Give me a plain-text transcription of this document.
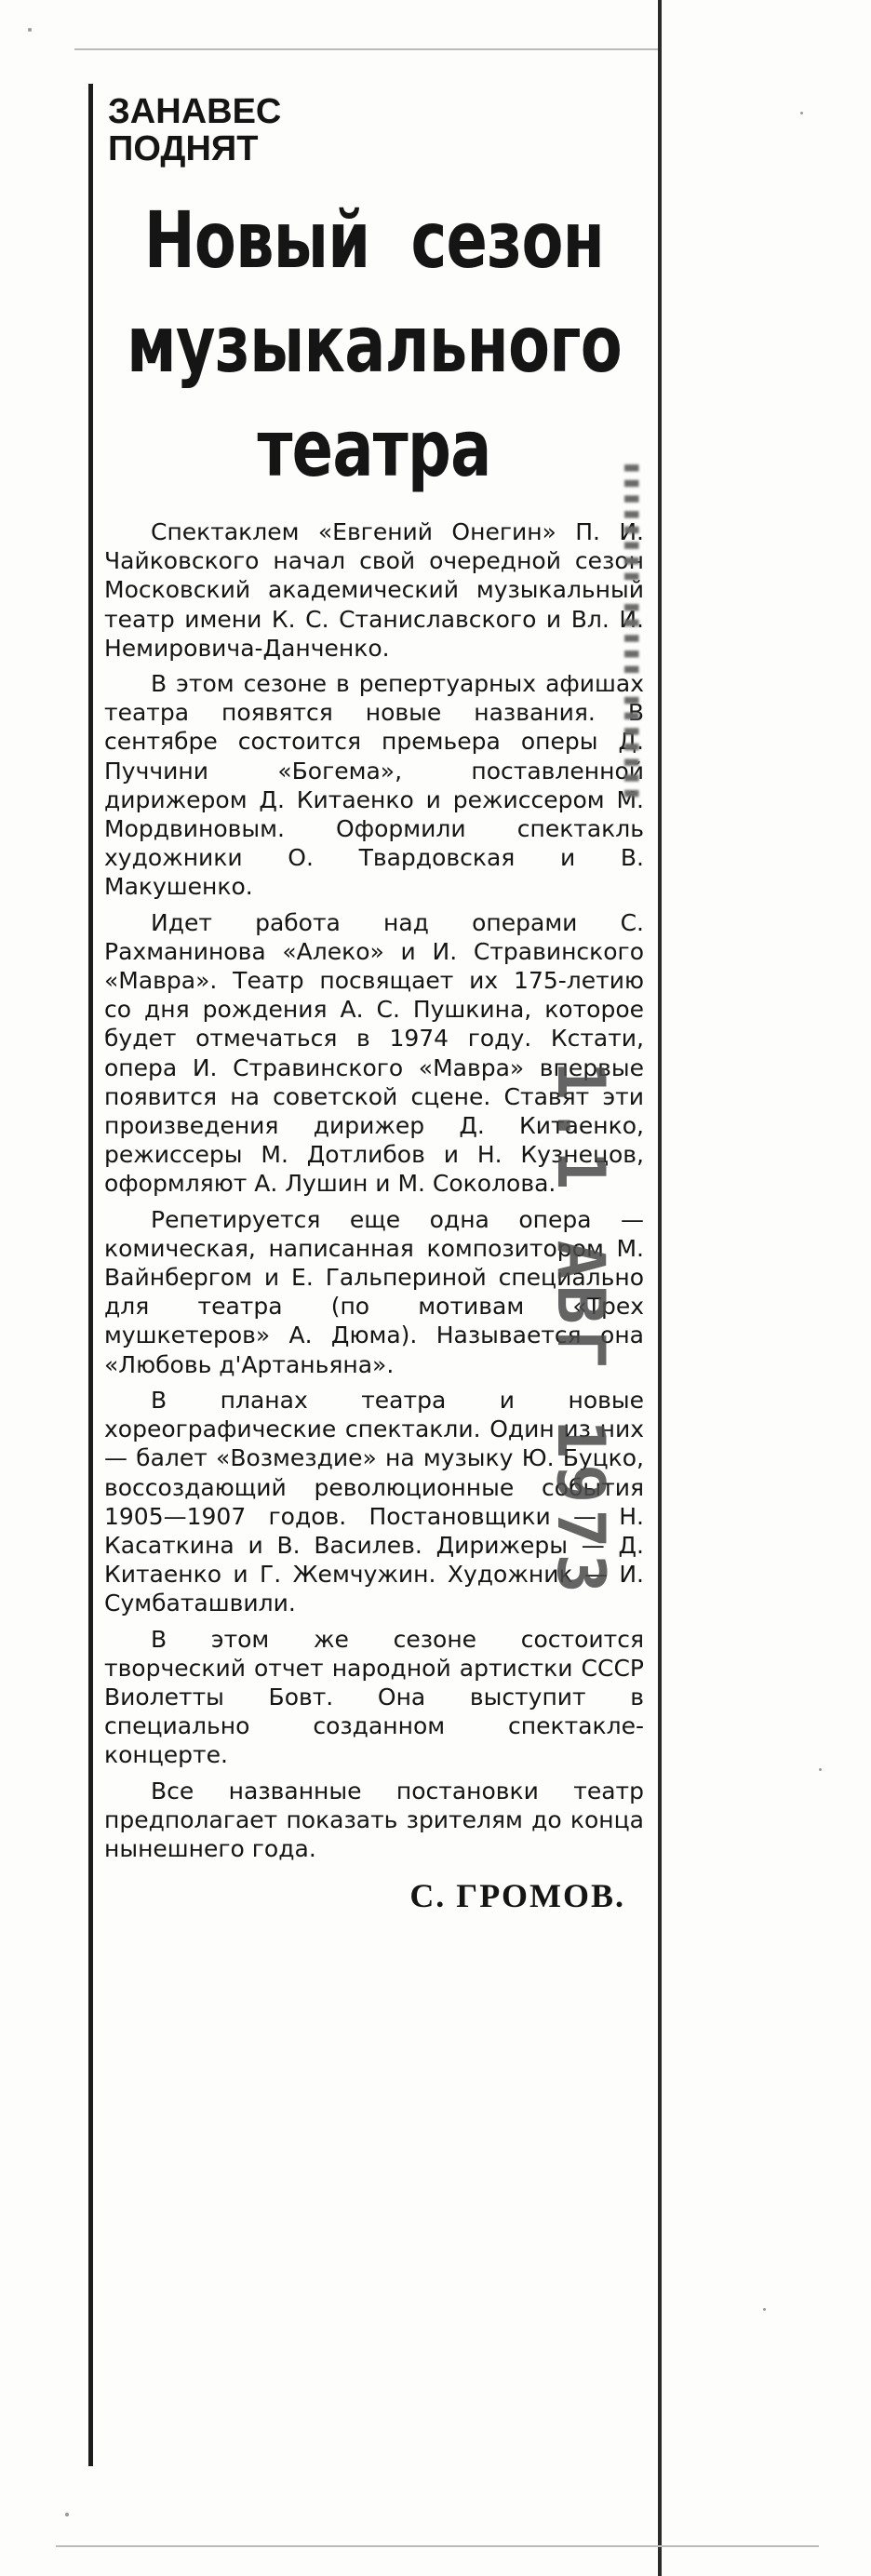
ЗАНАВЕС
ПОДНЯТ
Новый  сезон
музыкального
театра

Спектаклем «Евгений Онегин» П. И. Чайковского начал свой очередной сезон Московский академический музыкальный театр имени К. С. Станиславского и Вл. И. Немировича-Данченко.

В этом сезоне в репертуарных афишах театра появятся новые названия. В сентябре состоится премьера оперы Д. Пуччини «Богема», поставленной дирижером Д. Китаенко и режиссером М. Мордвиновым. Оформили спектакль художники О. Твардовская и В. Макушенко.

Идет работа над операми С. Рахманинова «Алеко» и И. Стравинского «Мавра». Театр посвящает их 175-летию со дня рождения А. С. Пушкина, которое будет отмечаться в 1974 году. Кстати, опера И. Стравинского «Мавра» впервые появится на советской сцене. Ставят эти произведения дирижер Д. Китаенко, режиссеры М. Дотлибов и Н. Кузнецов, оформляют А. Лушин и М. Соколова.

Репетируется еще одна опера — комическая, написанная композитором М. Вайнбергом и Е. Гальпериной специально для театра (по мотивам «Трех мушкетеров» А. Дюма). Называется она «Любовь д'Артаньяна».

В планах театра и новые хореографические спектакли. Один из них — балет «Возмездие» на музыку Ю. Буцко, воссоздающий революционные события 1905—1907 годов. Постановщики — Н. Касаткина и В. Василев. Дирижеры — Д. Китаенко и Г. Жемчужин. Художник — И. Сумбаташвили.

В этом же сезоне состоится творческий отчет народной артистки СССР Виолетты Бовт. Она выступит в специально созданном спектакле-концерте.

Все названные постановки театр предполагает показать зрителям до конца нынешнего года.

С. ГРОМОВ.
▮▮▮▮▮▮▮▮ ▮▮▮▮▮ ▮▮▮▮▮▮▮
1.1 АВГ 1973
